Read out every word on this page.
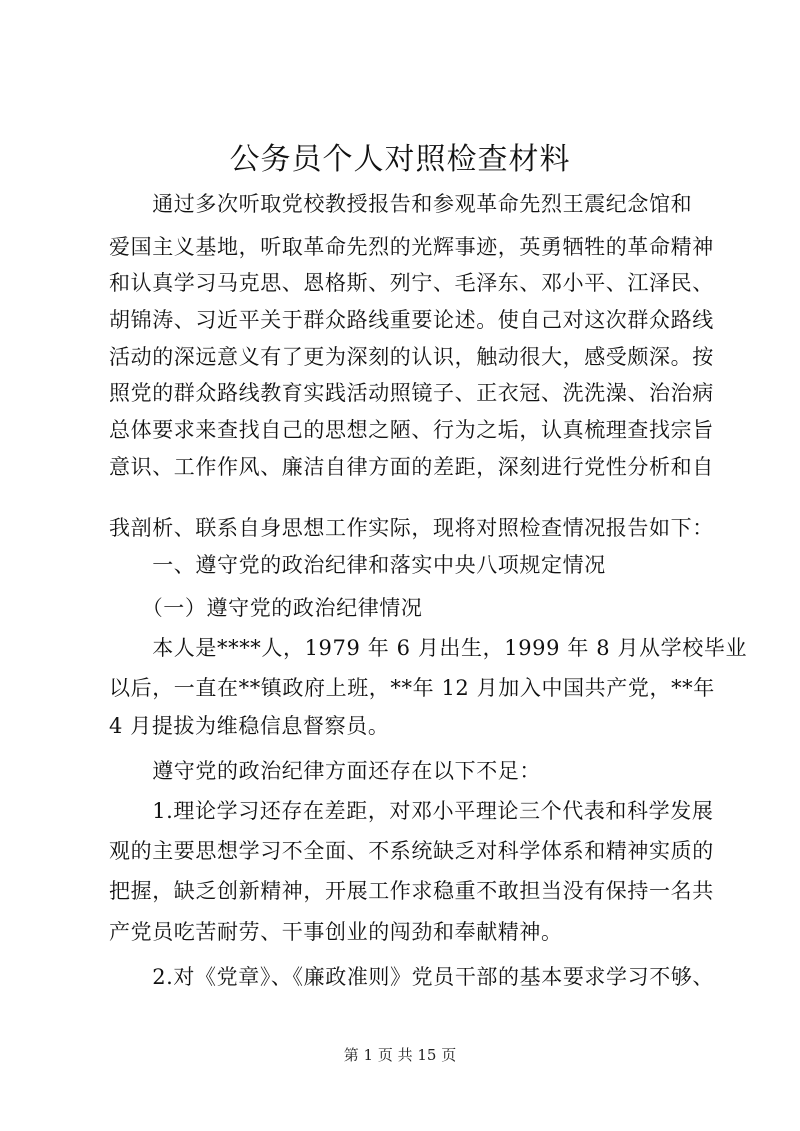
公务员个人对照检查材料
　　通过多次听取党校教授报告和参观革命先烈王震纪念馆和
爱国主义基地，听取革命先烈的光辉事迹，英勇牺牲的革命精神
和认真学习马克思、恩格斯、列宁、毛泽东、邓小平、江泽民、
胡锦涛、习近平关于群众路线重要论述。使自己对这次群众路线
活动的深远意义有了更为深刻的认识，触动很大，感受颇深。按
照党的群众路线教育实践活动照镜子、正衣冠、洗洗澡、治治病
总体要求来查找自己的思想之陋、行为之垢，认真梳理查找宗旨
意识、工作作风、廉洁自律方面的差距，深刻进行党性分析和自
我剖析、联系自身思想工作实际，现将对照检查情况报告如下：
　　一、遵守党的政治纪律和落实中央八项规定情况
　　（一）遵守党的政治纪律情况
　　本人是****人，1979 年 6 月出生，1999 年 8 月从学校毕业
以后，一直在**镇政府上班，**年 12 月加入中国共产党，**年
4 月提拔为维稳信息督察员。
　　遵守党的政治纪律方面还存在以下不足：
　　1.理论学习还存在差距，对邓小平理论三个代表和科学发展
观的主要思想学习不全面、不系统缺乏对科学体系和精神实质的
把握，缺乏创新精神，开展工作求稳重不敢担当没有保持一名共
产党员吃苦耐劳、干事创业的闯劲和奉献精神。
　　2.对《党章》、《廉政准则》党员干部的基本要求学习不够、
第 1 页 共 15 页
